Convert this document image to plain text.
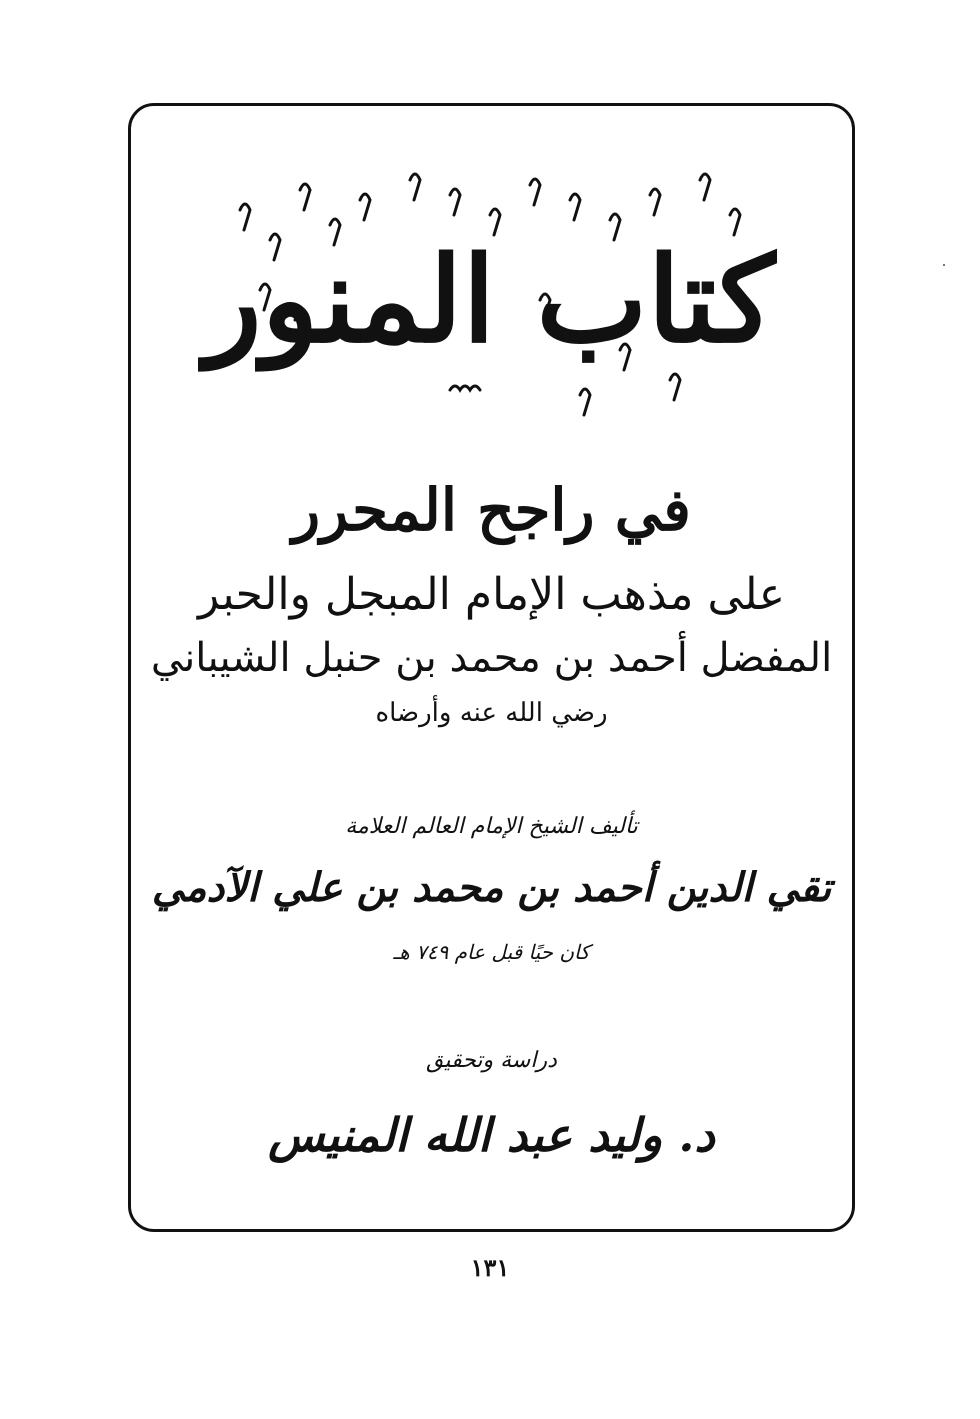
كتاب المنور
في راجح المحرر
على مذهب الإمام المبجل والحبر
المفضل أحمد بن محمد بن حنبل الشيباني
رضي الله عنه وأرضاه
تأليف الشيخ الإمام العالم العلامة
تقي الدين أحمد بن محمد بن علي الآدمي
كان حيًا قبل عام ٧٤٩ هـ
دراسة وتحقيق
د. وليد عبد الله المنيس
١٣١
